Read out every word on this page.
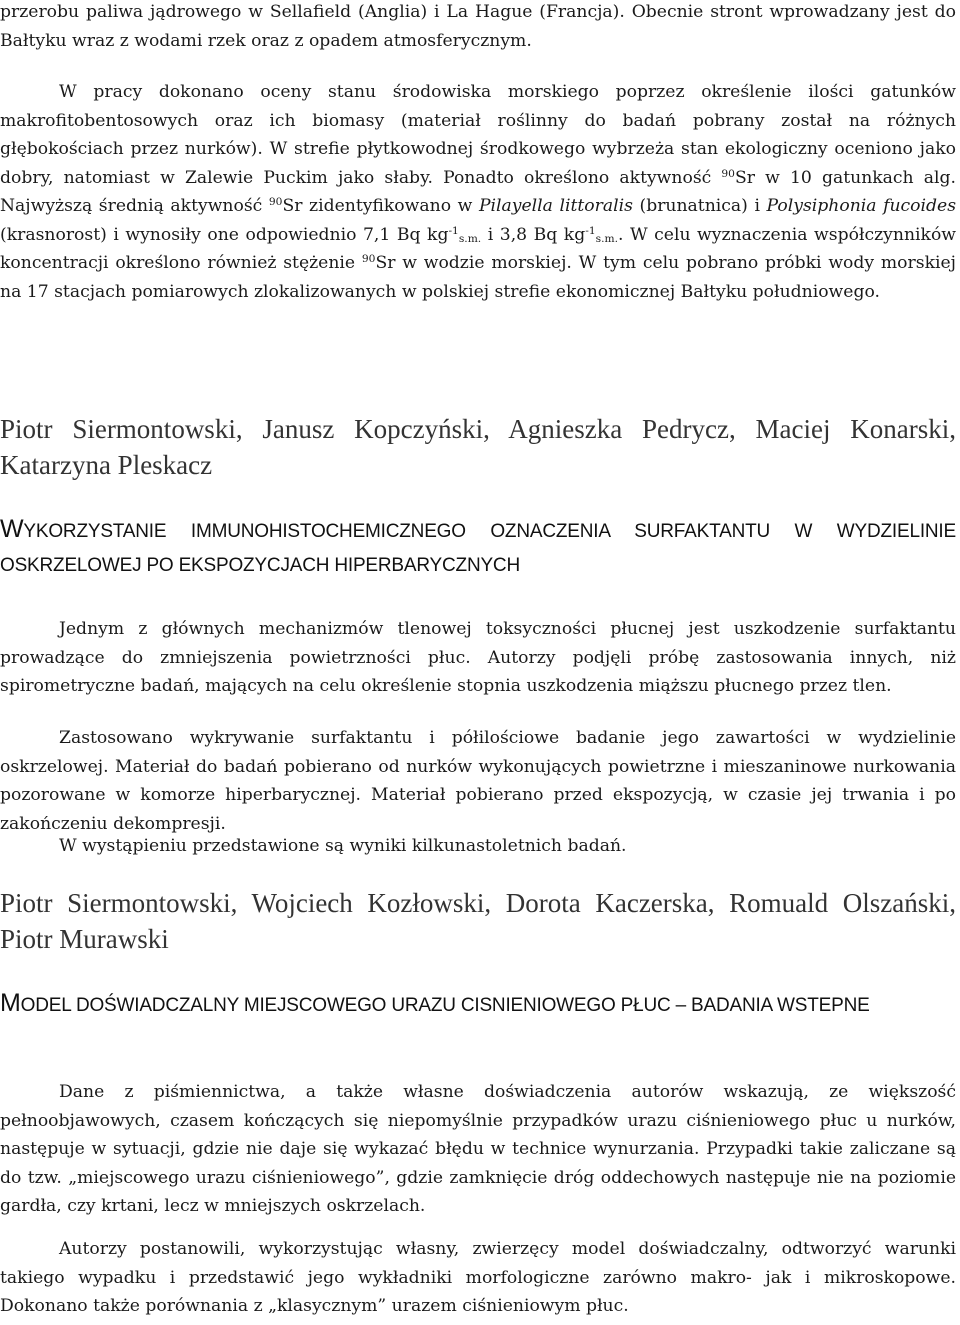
przerobu paliwa jądrowego w Sellafield (Anglia) i La Hague (Francja). Obecnie stront wprowadzany jest do Bałtyku wraz z wodami rzek oraz z opadem atmosferycznym.

W pracy dokonano oceny stanu środowiska morskiego poprzez określenie ilości gatunków makrofitobentosowych oraz ich biomasy (materiał roślinny do badań pobrany został na różnych głębokościach przez nurków). W strefie płytkowodnej środkowego wybrzeża stan ekologiczny oceniono jako dobry, natomiast w Zalewie Puckim jako słaby. Ponadto określono aktywność $^{90}$Sr w 10 gatunkach alg. Najwyższą średnią aktywność $^{90}$Sr zidentyfikowano w Pilayella littoralis (brunatnica) i Polysiphonia fucoides (krasnorost) i wynosiły one odpowiednio 7,1 Bq $kg^{-1}_{s.m.}$ i 3,8 Bq $kg^{-1}_{s.m.}$. W celu wyznaczenia współczynników koncentracji określono również stężenie $^{90}$Sr w wodzie morskiej. W tym celu pobrano próbki wody morskiej na 17 stacjach pomiarowych zlokalizowanych w polskiej strefie ekonomicznej Bałtyku południowego.

Piotr Siermontowski, Janusz Kopczyński, Agnieszka Pedrycz, Maciej Konarski, Katarzyna Pleskacz

WYKORZYSTANIE IMMUNOHISTOCHEMICZNEGO OZNACZENIA SURFAKTANTU W WYDZIELINIE OSKRZELOWEJ PO EKSPOZYCJACH HIPERBARYCZNYCH

Jednym z głównych mechanizmów tlenowej toksyczności płucnej jest uszkodzenie surfaktantu prowadzące do zmniejszenia powietrzności płuc. Autorzy podjęli próbę zastosowania innych, niż spirometryczne badań, mających na celu określenie stopnia uszkodzenia miąższu płucnego przez tlen.

Zastosowano wykrywanie surfaktantu i półilościowe badanie jego zawartości w wydzielinie oskrzelowej. Materiał do badań pobierano od nurków wykonujących powietrzne i mieszaninowe nurkowania pozorowane w komorze hiperbarycznej. Materiał pobierano przed ekspozycją, w czasie jej trwania i po zakończeniu dekompresji.

W wystąpieniu przedstawione są wyniki kilkunastoletnich badań.

Piotr Siermontowski, Wojciech Kozłowski, Dorota Kaczerska, Romuald Olszański, Piotr Murawski

MODEL DOŚWIADCZALNY MIEJSCOWEGO URAZU CISNIENIOWEGO PŁUC – BADANIA WSTEPNE

Dane z piśmiennictwa, a także własne doświadczenia autorów wskazują, ze większość pełnoobjawowych, czasem kończących się niepomyślnie przypadków urazu ciśnieniowego płuc u nurków, następuje w sytuacji, gdzie nie daje się wykazać błędu w technice wynurzania. Przypadki takie zaliczane są do tzw. „miejscowego urazu ciśnieniowego”, gdzie zamknięcie dróg oddechowych następuje nie na poziomie gardła, czy krtani, lecz w mniejszych oskrzelach.

Autorzy postanowili, wykorzystując własny, zwierzęcy model doświadczalny, odtworzyć warunki takiego wypadku i przedstawić jego wykładniki morfologiczne zarówno makro- jak i mikroskopowe. Dokonano także porównania z „klasycznym” urazem ciśnieniowym płuc.
